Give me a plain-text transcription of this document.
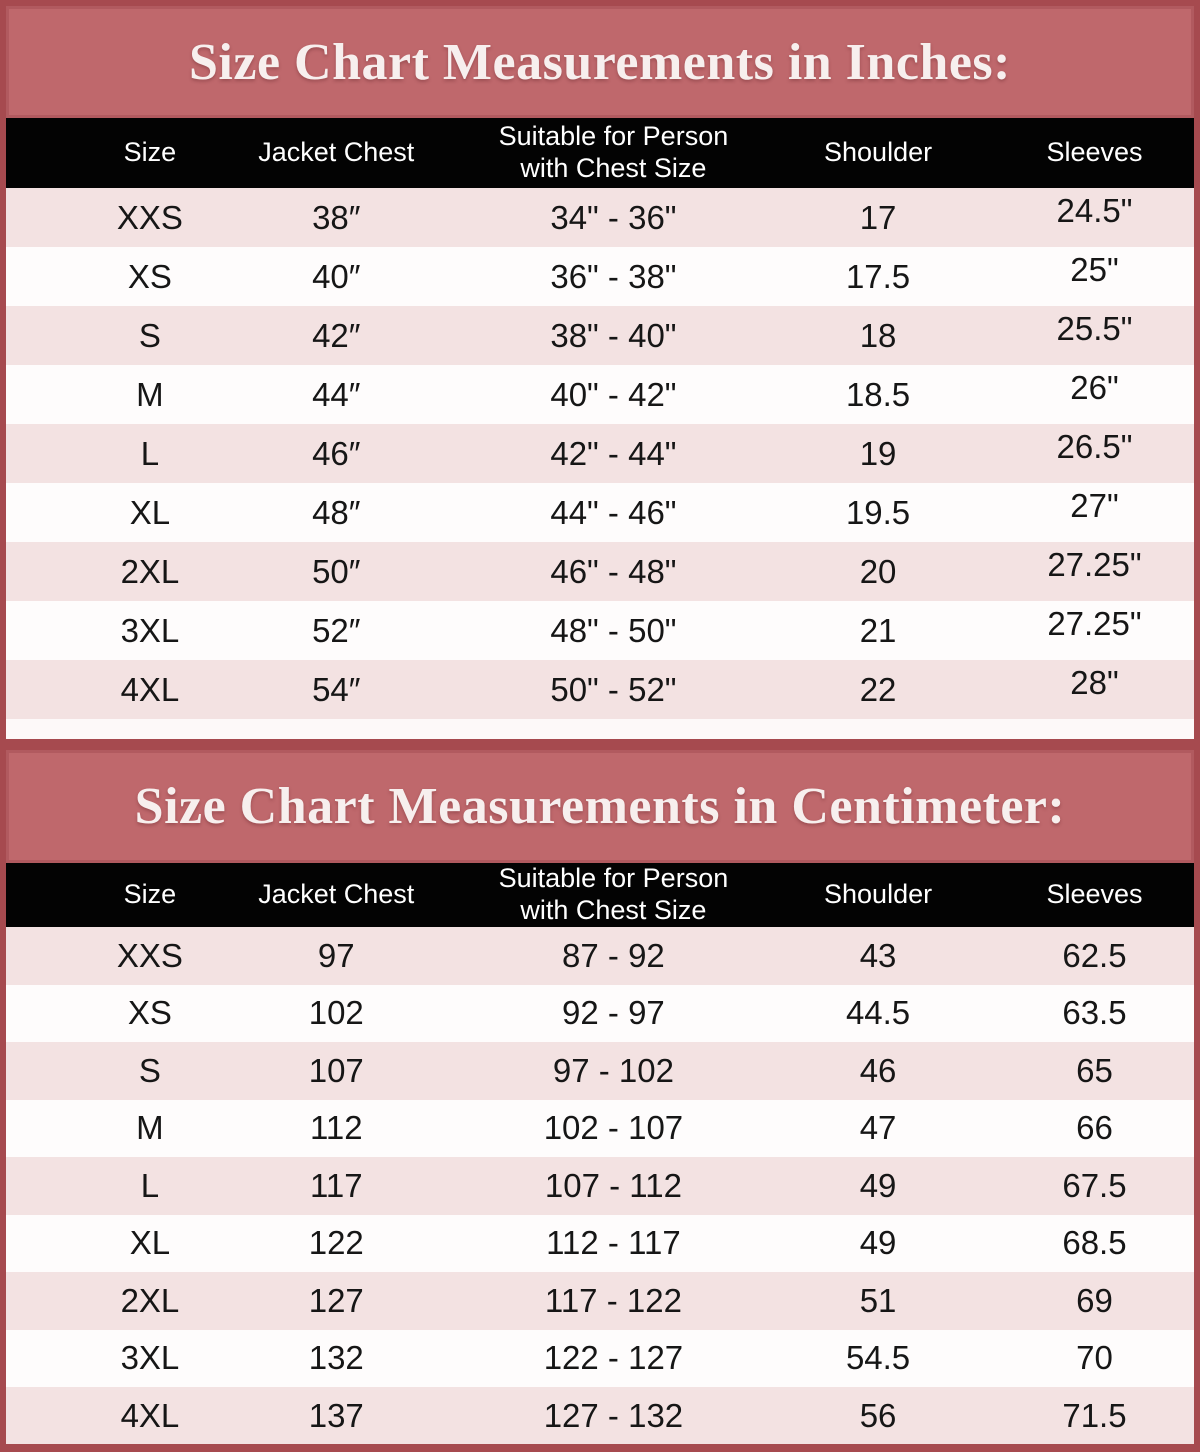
Size Chart Measurements in Inches:
Size	Jacket Chest	Suitable for Person with Chest Size	Shoulder	Sleeves
XXS	38″	34" - 36"	17	24.5"
XS	40″	36" - 38"	17.5	25"
S	42″	38" - 40"	18	25.5"
M	44″	40" - 42"	18.5	26"
L	46″	42" - 44"	19	26.5"
XL	48″	44" - 46"	19.5	27"
2XL	50″	46" - 48"	20	27.25"
3XL	52″	48" - 50"	21	27.25"
4XL	54″	50" - 52"	22	28"
Size Chart Measurements in Centimeter:
Size	Jacket Chest	Suitable for Person with Chest Size	Shoulder	Sleeves
XXS	97	87 - 92	43	62.5
XS	102	92 - 97	44.5	63.5
S	107	97 - 102	46	65
M	112	102 - 107	47	66
L	117	107 - 112	49	67.5
XL	122	112 - 117	49	68.5
2XL	127	117 - 122	51	69
3XL	132	122 - 127	54.5	70
4XL	137	127 - 132	56	71.5
